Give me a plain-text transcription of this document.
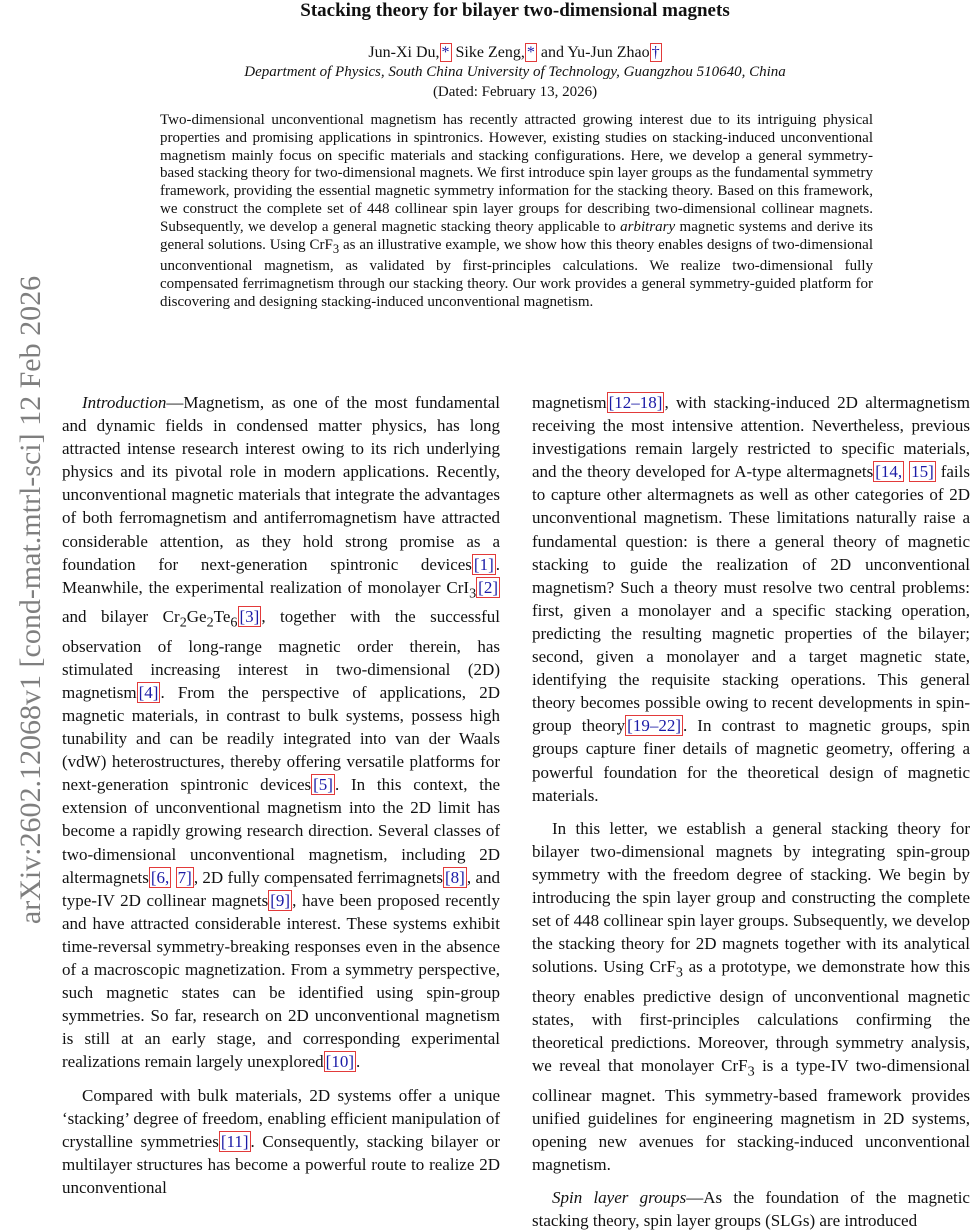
arXiv:2602.12068v1 [cond-mat.mtrl-sci] 12 Feb 2026
Stacking theory for bilayer two-dimensional magnets
Jun-Xi Du, * Sike Zeng, * and Yu-Jun Zhao †
Department of Physics, South China University of Technology, Guangzhou 510640, China
(Dated: February 13, 2026)
Two-dimensional unconventional magnetism has recently attracted growing interest due to its intriguing physical properties and promising applications in spintronics. However, existing studies on stacking-induced unconventional magnetism mainly focus on specific materials and stacking configurations. Here, we develop a general symmetry-based stacking theory for two-dimensional magnets. We first introduce spin layer groups as the fundamental symmetry framework, providing the essential magnetic symmetry information for the stacking theory. Based on this framework, we construct the complete set of 448 collinear spin layer groups for describing two-dimensional collinear magnets. Subsequently, we develop a general magnetic stacking theory applicable to arbitrary magnetic systems and derive its general solutions. Using CrF$_3$ as an illustrative example, we show how this theory enables designs of two-dimensional unconventional magnetism, as validated by first-principles calculations. We realize two-dimensional fully compensated ferrimagnetism through our stacking theory. Our work provides a general symmetry-guided platform for discovering and designing stacking-induced unconventional magnetism.

Introduction—Magnetism, as one of the most fundamental and dynamic fields in condensed matter physics, has long attracted intense research interest owing to its rich underlying physics and its pivotal role in modern applications. Recently, unconventional magnetic materials that integrate the advantages of both ferromagnetism and antiferromagnetism have attracted considerable attention, as they hold strong promise as a foundation for next-generation spintronic devices [1] . Meanwhile, the experimental realization of monolayer CrI$_3$ [2] and bilayer $Cr_2Ge_2Te_6$ [3] , together with the successful observation of long-range magnetic order therein, has stimulated increasing interest in two-dimensional (2D) magnetism [4] . From the perspective of applications, 2D magnetic materials, in contrast to bulk systems, possess high tunability and can be readily integrated into van der Waals (vdW) heterostructures, thereby offering versatile platforms for next-generation spintronic devices [5] . In this context, the extension of unconventional magnetism into the 2D limit has become a rapidly growing research direction. Several classes of two-dimensional unconventional magnetism, including 2D altermagnets [6, 7] , 2D fully compensated ferrimagnets [8] , and type-IV 2D collinear magnets [9] , have been proposed recently and have attracted considerable interest. These systems exhibit time-reversal symmetry-breaking responses even in the absence of a macroscopic magnetization. From a symmetry perspective, such magnetic states can be identified using spin-group symmetries. So far, research on 2D unconventional magnetism is still at an early stage, and corresponding experimental realizations remain largely unexplored [10] .

Compared with bulk materials, 2D systems offer a unique ‘stacking’ degree of freedom, enabling efficient manipulation of crystalline symmetries [11] . Consequently, stacking bilayer or multilayer structures has become a powerful route to realize 2D unconventional

magnetism [12–18] , with stacking-induced 2D altermagnetism receiving the most intensive attention. Nevertheless, previous investigations remain largely restricted to specific materials, and the theory developed for A-type altermagnets [14, 15] fails to capture other altermagnets as well as other categories of 2D unconventional magnetism. These limitations naturally raise a fundamental question: is there a general theory of magnetic stacking to guide the realization of 2D unconventional magnetism? Such a theory must resolve two central problems: first, given a monolayer and a specific stacking operation, predicting the resulting magnetic properties of the bilayer; second, given a monolayer and a target magnetic state, identifying the requisite stacking operations. This general theory becomes possible owing to recent developments in spin-group theory [19–22] . In contrast to magnetic groups, spin groups capture finer details of magnetic geometry, offering a powerful foundation for the theoretical design of magnetic materials.

In this letter, we establish a general stacking theory for bilayer two-dimensional magnets by integrating spin-group symmetry with the freedom degree of stacking. We begin by introducing the spin layer group and constructing the complete set of 448 collinear spin layer groups. Subsequently, we develop the stacking theory for 2D magnets together with its analytical solutions. Using CrF$_3$ as a prototype, we demonstrate how this theory enables predictive design of unconventional magnetic states, with first-principles calculations confirming the theoretical predictions. Moreover, through symmetry analysis, we reveal that monolayer CrF$_3$ is a type-IV two-dimensional collinear magnet. This symmetry-based framework provides unified guidelines for engineering magnetism in 2D systems, opening new avenues for stacking-induced unconventional magnetism.

Spin layer groups—As the foundation of the magnetic stacking theory, spin layer groups (SLGs) are introduced
